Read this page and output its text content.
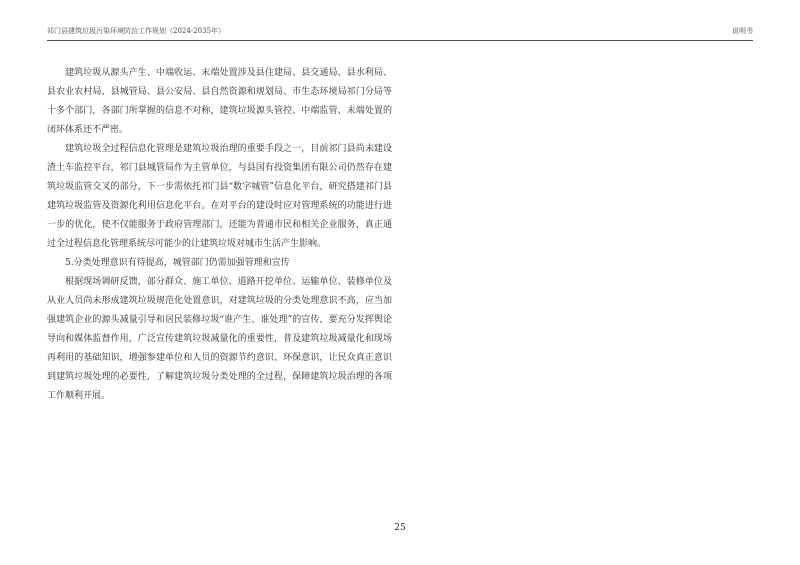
祁门县建筑垃圾污染环境防治工作规划（2024-2035年）	说明书

建筑垃圾从源头产生、中端收运、末端处置涉及县住建局、县交通局、县水利局、县农业农村局、县城管局、县公安局、县自然资源和规划局、市生态环境局祁门分局等十多个部门，各部门所掌握的信息不对称，建筑垃圾源头管控、中端监管、末端处置的闭环体系还不严密。

建筑垃圾全过程信息化管理是建筑垃圾治理的重要手段之一，目前祁门县尚未建设渣土车监控平台，祁门县城管局作为主管单位，与县国有投资集团有限公司仍然存在建筑垃圾监管交叉的部分，下一步需依托祁门县“数字城管”信息化平台，研究搭建祁门县建筑垃圾监管及资源化利用信息化平台。在对平台的建设时应对管理系统的功能进行进一步的优化，使不仅能服务于政府管理部门，还能为普通市民和相关企业服务，真正通过全过程信息化管理系统尽可能少的让建筑垃圾对城市生活产生影响。

5.分类处理意识有待提高，城管部门仍需加强管理和宣传

根据现场调研反馈，部分群众、施工单位、道路开挖单位、运输单位、装修单位及从业人员尚未形成建筑垃圾规范化处置意识，对建筑垃圾的分类处理意识不高，应当加强建筑企业的源头减量引导和居民装修垃圾“谁产生、谁处理”的宣传，要充分发挥舆论导向和媒体监督作用，广泛宣传建筑垃圾减量化的重要性，普及建筑垃圾减量化和现场再利用的基础知识，增强参建单位和人员的资源节约意识、环保意识，让民众真正意识到建筑垃圾处理的必要性，了解建筑垃圾分类处理的全过程，保障建筑垃圾治理的各项工作顺利开展。

25
